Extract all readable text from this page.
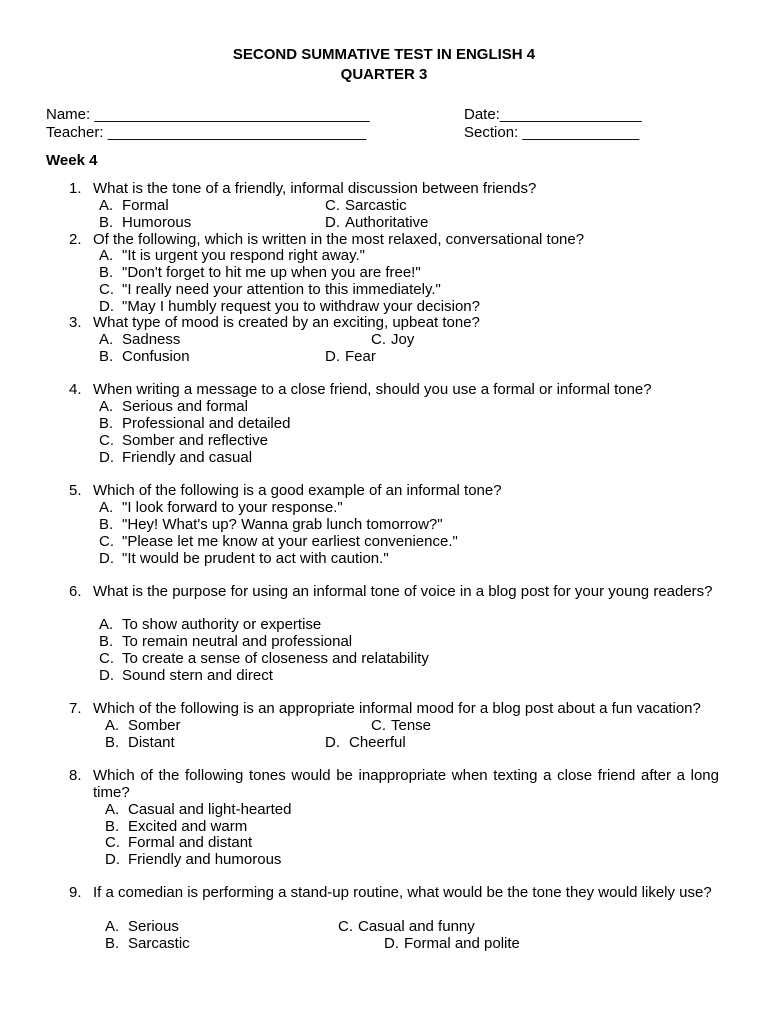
SECOND SUMMATIVE TEST IN ENGLISH 4
QUARTER 3
Name: _________________________________	Date:_________________
Teacher: _______________________________	Section: ______________
Week 4
1. What is the tone of a friendly, informal discussion between friends?
A. Formal	C. Sarcastic
B. Humorous	D. Authoritative
2. Of the following, which is written in the most relaxed, conversational tone?
A. "It is urgent you respond right away."
B. "Don't forget to hit me up when you are free!"
C. "I really need your attention to this immediately."
D. "May I humbly request you to withdraw your decision?
3. What type of mood is created by an exciting, upbeat tone?
A. Sadness	C. Joy
B. Confusion	D. Fear
4. When writing a message to a close friend, should you use a formal or informal tone?
A. Serious and formal
B. Professional and detailed
C. Somber and reflective
D. Friendly and casual
5. Which of the following is a good example of an informal tone?
A. "I look forward to your response."
B. "Hey! What's up? Wanna grab lunch tomorrow?"
C. "Please let me know at your earliest convenience."
D. "It would be prudent to act with caution."
6. What is the purpose for using an informal tone of voice in a blog post for your young readers?
A. To show authority or expertise
B. To remain neutral and professional
C. To create a sense of closeness and relatability
D. Sound stern and direct
7. Which of the following is an appropriate informal mood for a blog post about a fun vacation?
A. Somber	C. Tense
B. Distant	D. Cheerful
8. Which of the following tones would be inappropriate when texting a close friend after a long time?
A. Casual and light-hearted
B. Excited and warm
C. Formal and distant
D. Friendly and humorous
9. If a comedian is performing a stand-up routine, what would be the tone they would likely use?
A. Serious	C. Casual and funny
B. Sarcastic	D. Formal and polite
